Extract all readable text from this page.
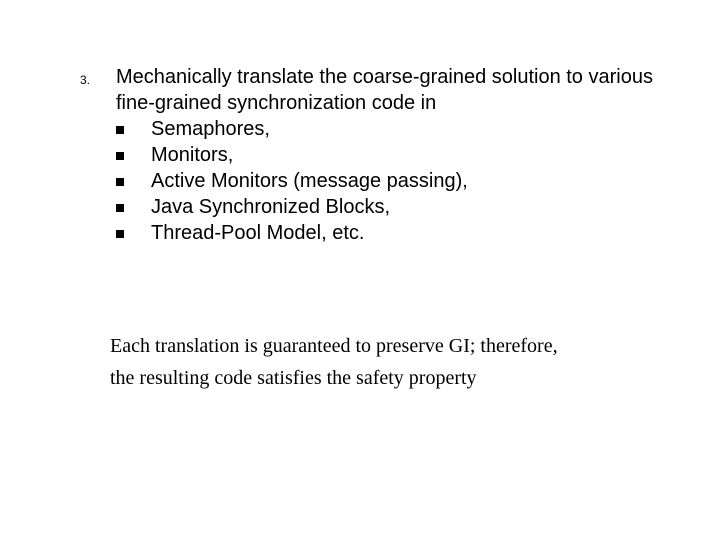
3. Mechanically translate the coarse-grained solution to various fine-grained synchronization code in

Semaphores,
Monitors,
Active Monitors (message passing),
Java Synchronized Blocks,
Thread-Pool Model, etc.
Each translation is guaranteed to preserve GI; therefore,
the resulting code satisfies the safety property
